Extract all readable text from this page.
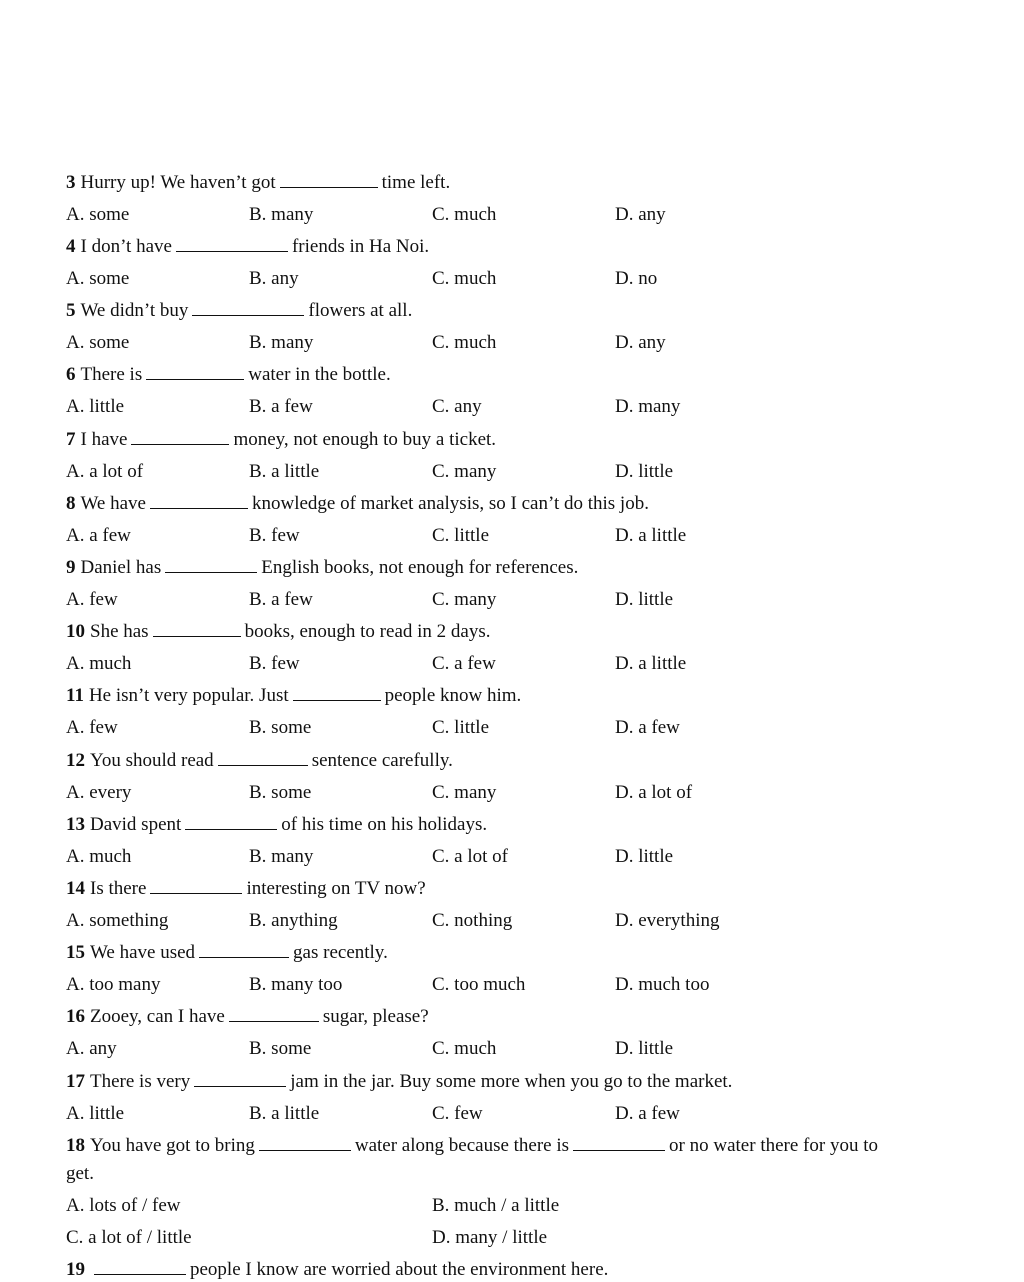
3 Hurry up! We haven’t got	time left.
A. some	B. many	C. much	D. any
4 I don’t have	friends in Ha Noi.
A. some	B. any	C. much	D. no
5 We didn’t buy	flowers at all.
A. some	B. many	C. much	D. any
6 There is	water in the bottle.
A. little	B. a few	C. any	D. many
7 I have	money, not enough to buy a ticket.
A. a lot of	B. a little	C. many	D. little
8 We have	knowledge of market analysis, so I can’t do this job.
A. a few	B. few	C. little	D. a little
9 Daniel has	English books, not enough for references.
A. few	B. a few	C. many	D. little
10 She has	books, enough to read in 2 days.
A. much	B. few	C. a few	D. a little
11 He isn’t very popular. Just	people know him.
A. few	B. some	C. little	D. a few
12 You should read	sentence carefully.
A. every	B. some	C. many	D. a lot of
13 David spent	of his time on his holidays.
A. much	B. many	C. a lot of	D. little
14 Is there	interesting on TV now?
A. something	B. anything	C. nothing	D. everything
15 We have used	gas recently.
A. too many	B. many too	C. too much	D. much too
16 Zooey, can I have	sugar, please?
A. any	B. some	C. much	D. little
17 There is very	jam in the jar. Buy some more when you go to the market.
A. little	B. a little	C. few	D. a few
18 You have got to bring	water along because there is	or no water there for you to
get.
A. lots of / few	B. much / a little
C. a lot of / little	D. many / little
19	people I know are worried about the environment here.
